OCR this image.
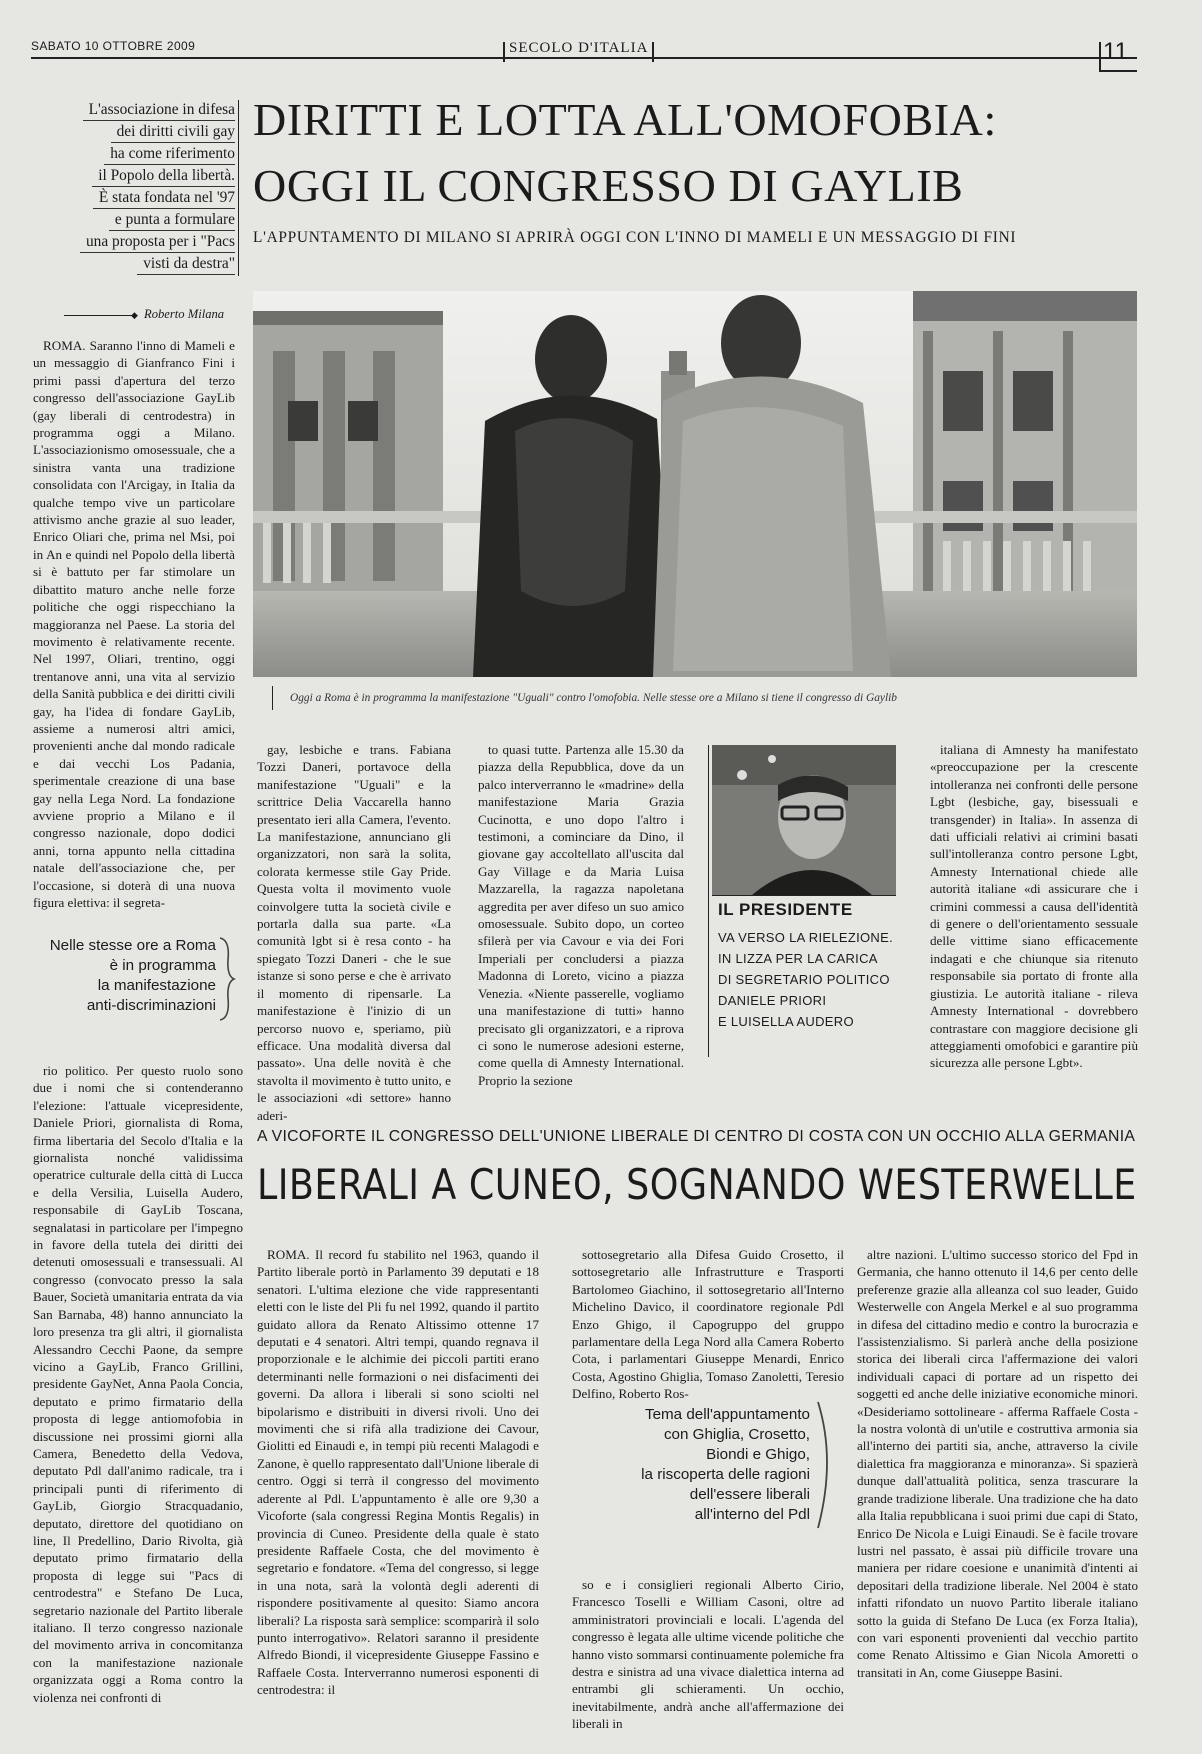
SABATO 10 OTTOBRE 2009	SECOLO D'ITALIA	11
L'associazione in difesa
dei diritti civili gay
ha come riferimento
il Popolo della libertà.
È stata fondata nel '97
e punta a formulare
una proposta per i "Pacs
visti da destra"
DIRITTI E LOTTA ALL'OMOFOBIA:
OGGI IL CONGRESSO DI GAYLIB
L'APPUNTAMENTO DI MILANO SI APRIRÀ OGGI CON L'INNO DI MAMELI E UN MESSAGGIO DI FINI
◆ Roberto Milana
Oggi a Roma è in programma la manifestazione "Uguali" contro l'omofobia. Nelle stesse ore a Milano si tiene il congresso di Gaylib

ROMA. Saranno l'inno di Mameli e un messaggio di Gianfranco Fini i primi passi d'apertura del terzo congresso dell'associazione GayLib (gay liberali di centrodestra) in programma oggi a Milano. L'associazionismo omosessuale, che a sinistra vanta una tradizione consolidata con l'Arcigay, in Italia da qualche tempo vive un particolare attivismo anche grazie al suo leader, Enrico Oliari che, prima nel Msi, poi in An e quindi nel Popolo della libertà si è battuto per far stimolare un dibattito maturo anche nelle forze politiche che oggi rispecchiano la maggioranza nel Paese. La storia del movimento è relativamente recente. Nel 1997, Oliari, trentino, oggi trentanove anni, una vita al servizio della Sanità pubblica e dei diritti civili gay, ha l'idea di fondare GayLib, assieme a numerosi altri amici, provenienti anche dal mondo radicale e dai vecchi Los Padania, sperimentale creazione di una base gay nella Lega Nord. La fondazione avviene proprio a Milano e il congresso nazionale, dopo dodici anni, torna appunto nella cittadina natale dell'associazione che, per l'occasione, si doterà di una nuova figura elettiva: il segreta-

Nelle stesse ore a Roma
è in programma
la manifestazione
anti-discriminazioni

rio politico. Per questo ruolo sono due i nomi che si contenderanno l'elezione: l'attuale vicepresidente, Daniele Priori, giornalista di Roma, firma libertaria del Secolo d'Italia e la giornalista nonché validissima operatrice culturale della città di Lucca e della Versilia, Luisella Audero, responsabile di GayLib Toscana, segnalatasi in particolare per l'impegno in favore della tutela dei diritti dei detenuti omosessuali e transessuali. Al congresso (convocato presso la sala Bauer, Società umanitaria entrata da via San Barnaba, 48) hanno annunciato la loro presenza tra gli altri, il giornalista Alessandro Cecchi Paone, da sempre vicino a GayLib, Franco Grillini, presidente GayNet, Anna Paola Concia, deputato e primo firmatario della proposta di legge antiomofobia in discussione nei prossimi giorni alla Camera, Benedetto della Vedova, deputato Pdl dall'animo radicale, tra i principali punti di riferimento di GayLib, Giorgio Stracquadanio, deputato, direttore del quotidiano on line, Il Predellino, Dario Rivolta, già deputato primo firmatario della proposta di legge sui "Pacs di centrodestra" e Stefano De Luca, segretario nazionale del Partito liberale italiano. Il terzo congresso nazionale del movimento arriva in concomitanza con la manifestazione nazionale organizzata oggi a Roma contro la violenza nei confronti di

gay, lesbiche e trans. Fabiana Tozzi Daneri, portavoce della manifestazione "Uguali" e la scrittrice Delia Vaccarella hanno presentato ieri alla Camera, l'evento. La manifestazione, annunciano gli organizzatori, non sarà la solita, colorata kermesse stile Gay Pride. Questa volta il movimento vuole coinvolgere tutta la società civile e portarla dalla sua parte. «La comunità lgbt si è resa conto - ha spiegato Tozzi Daneri - che le sue istanze si sono perse e che è arrivato il momento di ripensarle. La manifestazione è l'inizio di un percorso nuovo e, speriamo, più efficace. Una modalità diversa dal passato». Una delle novità è che stavolta il movimento è tutto unito, e le associazioni «di settore» hanno aderi-

to quasi tutte. Partenza alle 15.30 da piazza della Repubblica, dove da un palco interverranno le «madrine» della manifestazione Maria Grazia Cucinotta, e uno dopo l'altro i testimoni, a cominciare da Dino, il giovane gay accoltellato all'uscita dal Gay Village e da Maria Luisa Mazzarella, la ragazza napoletana aggredita per aver difeso un suo amico omosessuale. Subito dopo, un corteo sfilerà per via Cavour e via dei Fori Imperiali per concludersi a piazza Madonna di Loreto, vicino a piazza Venezia. «Niente passerelle, vogliamo una manifestazione di tutti» hanno precisato gli organizzatori, e a riprova ci sono le numerose adesioni esterne, come quella di Amnesty International. Proprio la sezione

IL PRESIDENTE
VA VERSO LA RIELEZIONE.
IN LIZZA PER LA CARICA
DI SEGRETARIO POLITICO
DANIELE PRIORI
E LUISELLA AUDERO

italiana di Amnesty ha manifestato «preoccupazione per la crescente intolleranza nei confronti delle persone Lgbt (lesbiche, gay, bisessuali e transgender) in Italia». In assenza di dati ufficiali relativi ai crimini basati sull'intolleranza contro persone Lgbt, Amnesty International chiede alle autorità italiane «di assicurare che i crimini commessi a causa dell'identità di genere o dell'orientamento sessuale delle vittime siano efficacemente indagati e che chiunque sia ritenuto responsabile sia portato di fronte alla giustizia. Le autorità italiane - rileva Amnesty International - dovrebbero contrastare con maggiore decisione gli atteggiamenti omofobici e garantire più sicurezza alle persone Lgbt».

A VICOFORTE IL CONGRESSO DELL'UNIONE LIBERALE DI CENTRO DI COSTA CON UN OCCHIO ALLA GERMANIA
LIBERALI A CUNEO, SOGNANDO WESTERWELLE

ROMA. Il record fu stabilito nel 1963, quando il Partito liberale portò in Parlamento 39 deputati e 18 senatori. L'ultima elezione che vide rappresentanti eletti con le liste del Pli fu nel 1992, quando il partito guidato allora da Renato Altissimo ottenne 17 deputati e 4 senatori. Altri tempi, quando regnava il proporzionale e le alchimie dei piccoli partiti erano determinanti nelle formazioni o nei disfacimenti dei governi. Da allora i liberali si sono sciolti nel bipolarismo e distribuiti in diversi rivoli. Uno dei movimenti che si rifà alla tradizione dei Cavour, Giolitti ed Einaudi e, in tempi più recenti Malagodi e Zanone, è quello rappresentato dall'Unione liberale di centro. Oggi si terrà il congresso del movimento aderente al Pdl. L'appuntamento è alle ore 9,30 a Vicoforte (sala congressi Regina Montis Regalis) in provincia di Cuneo. Presidente della quale è stato presidente Raffaele Costa, che del movimento è segretario e fondatore. «Tema del congresso, si legge in una nota, sarà la volontà degli aderenti di rispondere positivamente al quesito: Siamo ancora liberali? La risposta sarà semplice: scomparirà il solo punto interrogativo». Relatori saranno il presidente Alfredo Biondi, il vicepresidente Giuseppe Fassino e Raffaele Costa. Interverranno numerosi esponenti di centrodestra: il

sottosegretario alla Difesa Guido Crosetto, il sottosegretario alle Infrastrutture e Trasporti Bartolomeo Giachino, il sottosegretario all'Interno Michelino Davico, il coordinatore regionale Pdl Enzo Ghigo, il Capogruppo del gruppo parlamentare della Lega Nord alla Camera Roberto Cota, i parlamentari Giuseppe Menardi, Enrico Costa, Agostino Ghiglia, Tomaso Zanoletti, Teresio Delfino, Roberto Ros-

Tema dell'appuntamento
con Ghiglia, Crosetto,
Biondi e Ghigo,
la riscoperta delle ragioni
dell'essere liberali
all'interno del Pdl

so e i consiglieri regionali Alberto Cirio, Francesco Toselli e William Casoni, oltre ad amministratori provinciali e locali. L'agenda del congresso è legata alle ultime vicende politiche che hanno visto sommarsi continuamente polemiche fra destra e sinistra ad una vivace dialettica interna ad entrambi gli schieramenti. Un occhio, inevitabilmente, andrà anche all'affermazione dei liberali in

altre nazioni. L'ultimo successo storico del Fpd in Germania, che hanno ottenuto il 14,6 per cento delle preferenze grazie alla alleanza col suo leader, Guido Westerwelle con Angela Merkel e al suo programma in difesa del cittadino medio e contro la burocrazia e l'assistenzialismo. Si parlerà anche della posizione storica dei liberali circa l'affermazione dei valori individuali capaci di portare ad un rispetto dei soggetti ed anche delle iniziative economiche minori. «Desideriamo sottolineare - afferma Raffaele Costa - la nostra volontà di un'utile e costruttiva armonia sia all'interno dei partiti sia, anche, attraverso la civile dialettica fra maggioranza e minoranza». Si spazierà dunque dall'attualità politica, senza trascurare la grande tradizione liberale. Una tradizione che ha dato alla Italia repubblicana i suoi primi due capi di Stato, Enrico De Nicola e Luigi Einaudi. Se è facile trovare lustri nel passato, è assai più difficile trovare una maniera per ridare coesione e unanimità d'intenti ai depositari della tradizione liberale. Nel 2004 è stato infatti rifondato un nuovo Partito liberale italiano sotto la guida di Stefano De Luca (ex Forza Italia), con vari esponenti provenienti dal vecchio partito come Renato Altissimo e Gian Nicola Amoretti o transitati in An, come Giuseppe Basini.
